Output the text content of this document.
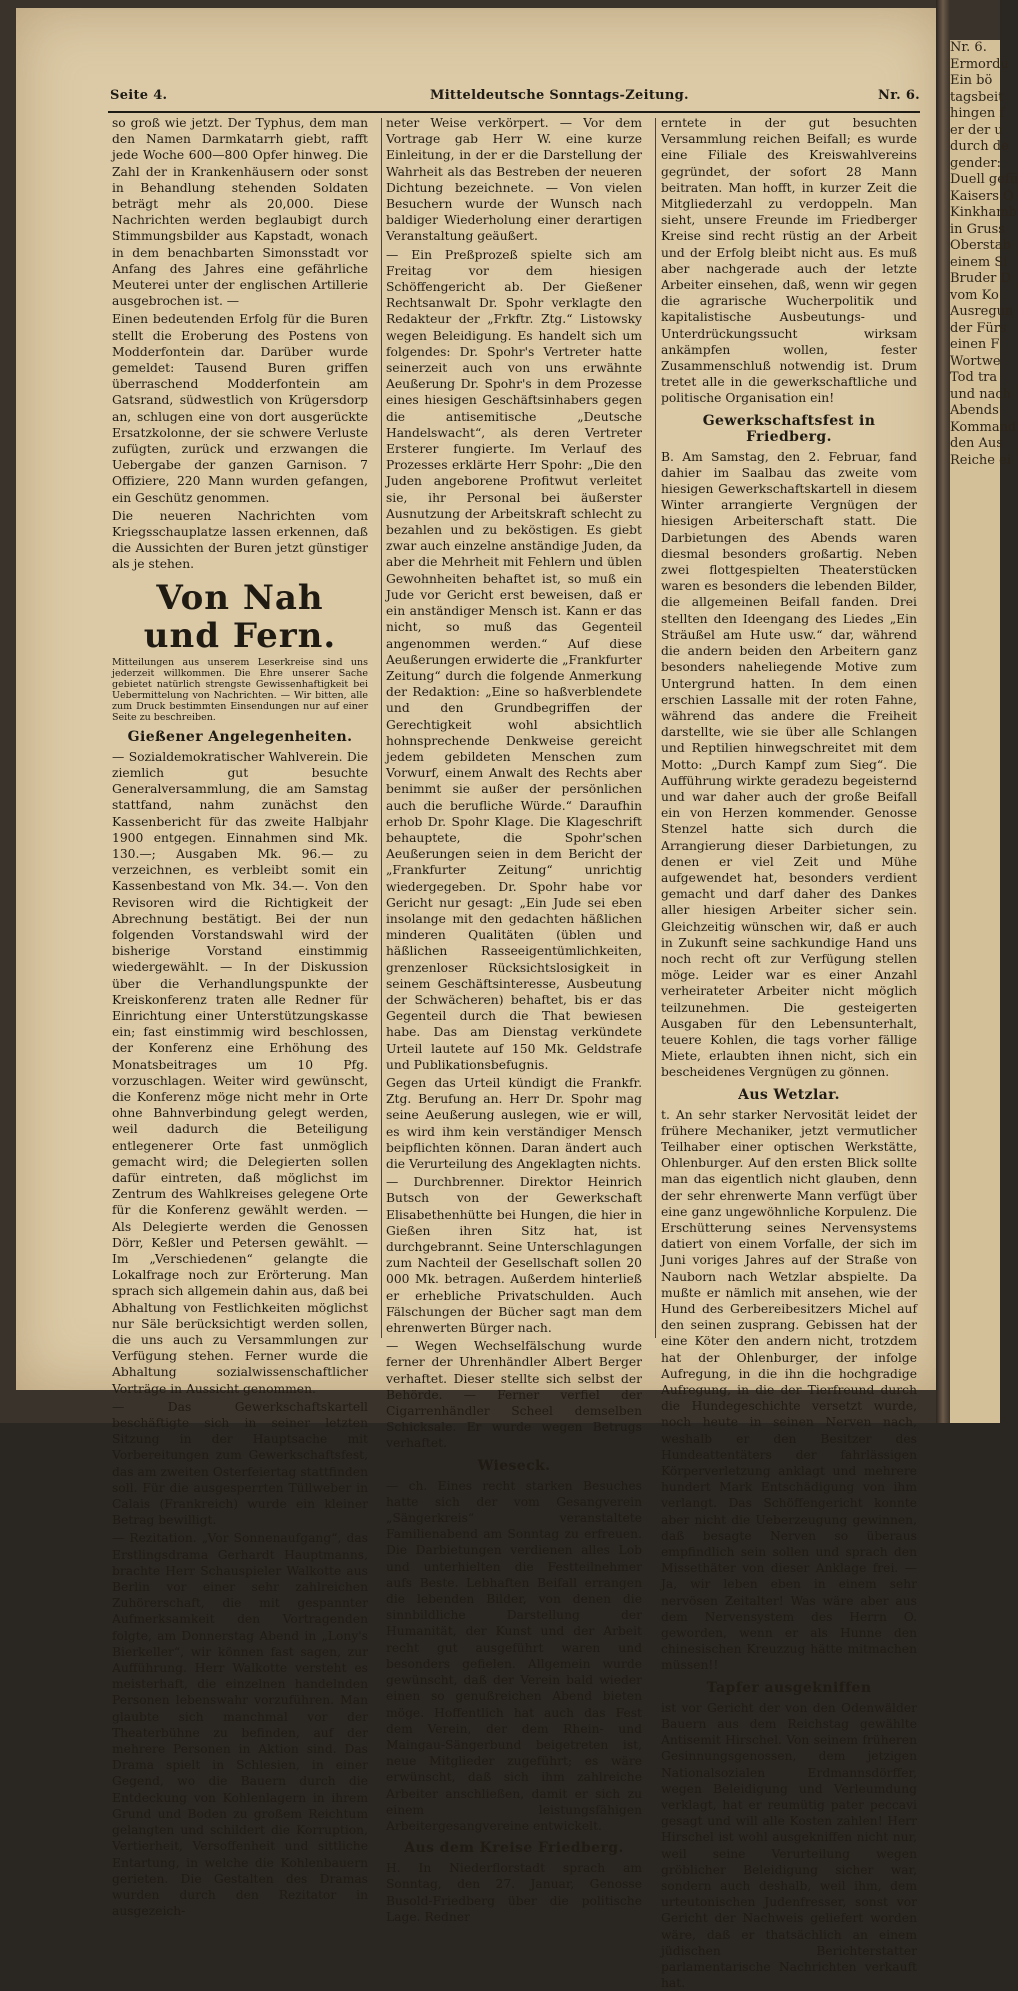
Nr. 6.

Ermordu

Ein bö

tagsbeit

hingen f

er der u

durch de

gender:

Duell gefü

Kaisers O

Kinkhamb

in Gruss

Oberstab

einem Si

Bruder D

vom Ko

Ausregun

der Fürs

einen F

Wortwe

Tod tra

und nach

Abends

Kommand

den Aus

Reiche ei

Seite 4.	Mitteldeutsche Sonntags-Zeitung.	Nr. 6.

so groß wie jetzt. Der Typhus, dem man den Namen Darmkatarrh giebt, rafft jede Woche 600—800 Opfer hinweg. Die Zahl der in Krankenhäusern oder sonst in Behandlung stehenden Soldaten beträgt mehr als 20,000. Diese Nachrichten werden beglaubigt durch Stimmungsbilder aus Kapstadt, wonach in dem benachbarten Simonsstadt vor Anfang des Jahres eine gefährliche Meuterei unter der englischen Artillerie ausgebrochen ist. —

Einen bedeutenden Erfolg für die Buren stellt die Eroberung des Postens von Modderfontein dar. Darüber wurde gemeldet: Tausend Buren griffen überraschend Modderfontein am Gatsrand, südwestlich von Krügersdorp an, schlugen eine von dort ausgerückte Ersatzkolonne, der sie schwere Verluste zufügten, zurück und erzwangen die Uebergabe der ganzen Garnison. 7 Offiziere, 220 Mann wurden gefangen, ein Geschütz genommen.

Die neueren Nachrichten vom Kriegsschauplatze lassen erkennen, daß die Aussichten der Buren jetzt günstiger als je stehen.

Von Nah und Fern.

Mitteilungen aus unserem Leserkreise sind uns jederzeit willkommen. Die Ehre unserer Sache gebietet natürlich strengste Gewissenhaftigkeit bei Uebermittelung von Nachrichten. — Wir bitten, alle zum Druck bestimmten Einsendungen nur auf einer Seite zu beschreiben.

Gießener Angelegenheiten.

— Sozialdemokratischer Wahlverein. Die ziemlich gut besuchte Generalversammlung, die am Samstag stattfand, nahm zunächst den Kassenbericht für das zweite Halbjahr 1900 entgegen. Einnahmen sind Mk. 130.—; Ausgaben Mk. 96.— zu verzeichnen, es verbleibt somit ein Kassenbestand von Mk. 34.—. Von den Revisoren wird die Richtigkeit der Abrechnung bestätigt. Bei der nun folgenden Vorstandswahl wird der bisherige Vorstand einstimmig wiedergewählt. — In der Diskussion über die Verhandlungspunkte der Kreiskonferenz traten alle Redner für Einrichtung einer Unterstützungskasse ein; fast einstimmig wird beschlossen, der Konferenz eine Erhöhung des Monatsbeitrages um 10 Pfg. vorzuschlagen. Weiter wird gewünscht, die Konferenz möge nicht mehr in Orte ohne Bahnverbindung gelegt werden, weil dadurch die Beteiligung entlegenerer Orte fast unmöglich gemacht wird; die Delegierten sollen dafür eintreten, daß möglichst im Zentrum des Wahlkreises gelegene Orte für die Konferenz gewählt werden. — Als Delegierte werden die Genossen Dörr, Keßler und Petersen gewählt. — Im „Verschiedenen“ gelangte die Lokalfrage noch zur Erörterung. Man sprach sich allgemein dahin aus, daß bei Abhaltung von Festlichkeiten möglichst nur Säle berücksichtigt werden sollen, die uns auch zu Versammlungen zur Verfügung stehen. Ferner wurde die Abhaltung sozialwissenschaftlicher Vorträge in Aussicht genommen.

— Das Gewerkschaftskartell beschäftigte sich in seiner letzten Sitzung in der Hauptsache mit Vorbereitungen zum Gewerkschaftsfest, das am zweiten Osterfeiertag stattfinden soll. Für die ausgesperrten Tüllweber in Calais (Frankreich) wurde ein kleiner Betrag bewilligt.

— Rezitation. „Vor Sonnenaufgang“, das Erstlingsdrama Gerhardt Hauptmanns, brachte Herr Schauspieler Walkotte aus Berlin vor einer sehr zahlreichen Zuhörerschaft, die mit gespannter Aufmerksamkeit den Vortragenden folgte, am Donnerstag Abend in „Lony's Bierkeller“, wir können fast sagen, zur Aufführung. Herr Walkotte versteht es meisterhaft, die einzelnen handelnden Personen lebenswahr vorzuführen. Man glaubte sich manchmal vor der Theaterbühne zu befinden, auf der mehrere Personen in Aktion sind. Das Drama spielt in Schlesien, in einer Gegend, wo die Bauern durch die Entdeckung von Kohlenlagern in ihrem Grund und Boden zu großem Reichtum gelangten und schildert die Korruption, Vertierheit, Versoffenheit und sittliche Entartung, in welche die Kohlenbauern gerieten. Die Gestalten des Dramas wurden durch den Rezitator in ausgezeich-

neter Weise verkörpert. — Vor dem Vortrage gab Herr W. eine kurze Einleitung, in der er die Darstellung der Wahrheit als das Bestreben der neueren Dichtung bezeichnete. — Von vielen Besuchern wurde der Wunsch nach baldiger Wiederholung einer derartigen Veranstaltung geäußert.

— Ein Preßprozeß spielte sich am Freitag vor dem hiesigen Schöffengericht ab. Der Gießener Rechtsanwalt Dr. Spohr verklagte den Redakteur der „Frkftr. Ztg.“ Listowsky wegen Beleidigung. Es handelt sich um folgendes: Dr. Spohr's Vertreter hatte seinerzeit auch von uns erwähnte Aeußerung Dr. Spohr's in dem Prozesse eines hiesigen Geschäftsinhabers gegen die antisemitische „Deutsche Handelswacht“, als deren Vertreter Ersterer fungierte. Im Verlauf des Prozesses erklärte Herr Spohr: „Die den Juden angeborene Profitwut verleitet sie, ihr Personal bei äußerster Ausnutzung der Arbeitskraft schlecht zu bezahlen und zu beköstigen. Es giebt zwar auch einzelne anständige Juden, da aber die Mehrheit mit Fehlern und üblen Gewohnheiten behaftet ist, so muß ein Jude vor Gericht erst beweisen, daß er ein anständiger Mensch ist. Kann er das nicht, so muß das Gegenteil angenommen werden.“ Auf diese Aeußerungen erwiderte die „Frankfurter Zeitung“ durch die folgende Anmerkung der Redaktion: „Eine so haßverblendete und den Grundbegriffen der Gerechtigkeit wohl absichtlich hohnsprechende Denkweise gereicht jedem gebildeten Menschen zum Vorwurf, einem Anwalt des Rechts aber benimmt sie außer der persönlichen auch die berufliche Würde.“ Daraufhin erhob Dr. Spohr Klage. Die Klageschrift behauptete, die Spohr'schen Aeußerungen seien in dem Bericht der „Frankfurter Zeitung“ unrichtig wiedergegeben. Dr. Spohr habe vor Gericht nur gesagt: „Ein Jude sei eben insolange mit den gedachten häßlichen minderen Qualitäten (üblen und häßlichen Rasseeigentümlichkeiten, grenzenloser Rücksichtslosigkeit in seinem Geschäftsinteresse, Ausbeutung der Schwächeren) behaftet, bis er das Gegenteil durch die That bewiesen habe. Das am Dienstag verkündete Urteil lautete auf 150 Mk. Geldstrafe und Publikationsbefugnis.

Gegen das Urteil kündigt die Frankfr. Ztg. Berufung an. Herr Dr. Spohr mag seine Aeußerung auslegen, wie er will, es wird ihm kein verständiger Mensch beipflichten können. Daran ändert auch die Verurteilung des Angeklagten nichts.

— Durchbrenner. Direktor Heinrich Butsch von der Gewerkschaft Elisabethenhütte bei Hungen, die hier in Gießen ihren Sitz hat, ist durchgebrannt. Seine Unterschlagungen zum Nachteil der Gesellschaft sollen 20 000 Mk. betragen. Außerdem hinterließ er erhebliche Privatschulden. Auch Fälschungen der Bücher sagt man dem ehrenwerten Bürger nach.

— Wegen Wechselfälschung wurde ferner der Uhrenhändler Albert Berger verhaftet. Dieser stellte sich selbst der Behörde. — Ferner verfiel der Cigarrenhändler Scheel demselben Schicksale. Er wurde wegen Betrugs verhaftet.

Wieseck.

— ch. Eines recht starken Besuches hatte sich der vom Gesangverein „Sängerkreis“ veranstaltete Familienabend am Sonntag zu erfreuen. Die Darbietungen verdienen alles Lob und unterhielten die Festteilnehmer aufs Beste. Lebhaften Beifall errangen die lebenden Bilder, von denen die sinnbildliche Darstellung der Humanität, der Kunst und der Arbeit recht gut ausgeführt waren und besonders gefielen. Allgemein wurde gewünscht, daß der Verein bald wieder einen so genußreichen Abend bieten möge. Hoffentlich hat auch das Fest dem Verein, der dem Rhein- und Maingau-Sängerbund beigetreten ist, neue Mitglieder zugeführt; es wäre erwünscht, daß sich ihm zahlreiche Arbeiter anschließen, damit er sich zu einem leistungsfähigen Arbeitergesangvereine entwickelt.

Aus dem Kreise Friedberg.

H. In Niederflorstadt sprach am Sonntag, den 27. Januar, Genosse Busold-Friedberg über die politische Lage. Redner

erntete in der gut besuchten Versammlung reichen Beifall; es wurde eine Filiale des Kreiswahlvereins gegründet, der sofort 28 Mann beitraten. Man hofft, in kurzer Zeit die Mitgliederzahl zu verdoppeln. Man sieht, unsere Freunde im Friedberger Kreise sind recht rüstig an der Arbeit und der Erfolg bleibt nicht aus. Es muß aber nachgerade auch der letzte Arbeiter einsehen, daß, wenn wir gegen die agrarische Wucherpolitik und kapitalistische Ausbeutungs- und Unterdrückungssucht wirksam ankämpfen wollen, fester Zusammenschluß notwendig ist. Drum tretet alle in die gewerkschaftliche und politische Organisation ein!

Gewerkschaftsfest in Friedberg.

B. Am Samstag, den 2. Februar, fand dahier im Saalbau das zweite vom hiesigen Gewerkschaftskartell in diesem Winter arrangierte Vergnügen der hiesigen Arbeiterschaft statt. Die Darbietungen des Abends waren diesmal besonders großartig. Neben zwei flottgespielten Theaterstücken waren es besonders die lebenden Bilder, die allgemeinen Beifall fanden. Drei stellten den Ideengang des Liedes „Ein Sträußel am Hute usw.“ dar, während die andern beiden den Arbeitern ganz besonders naheliegende Motive zum Untergrund hatten. In dem einen erschien Lassalle mit der roten Fahne, während das andere die Freiheit darstellte, wie sie über alle Schlangen und Reptilien hinwegschreitet mit dem Motto: „Durch Kampf zum Sieg“. Die Aufführung wirkte geradezu begeisternd und war daher auch der große Beifall ein von Herzen kommender. Genosse Stenzel hatte sich durch die Arrangierung dieser Darbietungen, zu denen er viel Zeit und Mühe aufgewendet hat, besonders verdient gemacht und darf daher des Dankes aller hiesigen Arbeiter sicher sein. Gleichzeitig wünschen wir, daß er auch in Zukunft seine sachkundige Hand uns noch recht oft zur Verfügung stellen möge. Leider war es einer Anzahl verheirateter Arbeiter nicht möglich teilzunehmen. Die gesteigerten Ausgaben für den Lebensunterhalt, teuere Kohlen, die tags vorher fällige Miete, erlaubten ihnen nicht, sich ein bescheidenes Vergnügen zu gönnen.

Aus Wetzlar.

t. An sehr starker Nervosität leidet der frühere Mechaniker, jetzt vermutlicher Teilhaber einer optischen Werkstätte, Ohlenburger. Auf den ersten Blick sollte man das eigentlich nicht glauben, denn der sehr ehrenwerte Mann verfügt über eine ganz ungewöhnliche Korpulenz. Die Erschütterung seines Nervensystems datiert von einem Vorfalle, der sich im Juni voriges Jahres auf der Straße von Nauborn nach Wetzlar abspielte. Da mußte er nämlich mit ansehen, wie der Hund des Gerbereibesitzers Michel auf den seinen zusprang. Gebissen hat der eine Köter den andern nicht, trotzdem hat der Ohlenburger, der infolge Aufregung, in die ihn die hochgradige Aufregung, in die der Tierfreund durch die Hundegeschichte versetzt wurde, noch heute in seinen Nerven nach, weshalb er den Besitzer des Hundeattentäters der fahrlässigen Körperverletzung anklagt und mehrere hundert Mark Entschädigung von ihm verlangt. Das Schöffengericht konnte aber nicht die Ueberzeugung gewinnen, daß besagte Nerven so überaus empfindlich sein sollen und sprach den Missethäter von dieser Anklage frei. — Ja, wir leben eben in einem sehr nervösen Zeitalter! Was wäre aber aus dem Nervensystem des Herrn O. geworden, wenn er als Hunne den chinesischen Kreuzzug hätte mitmachen müssen!!

Tapfer ausgekniffen

ist vor Gericht der von den Odenwälder Bauern aus dem Reichstag gewählte Antisemit Hirschel. Von seinem früheren Gesinnungsgenossen, dem jetzigen Nationalsozialen Erdmannsdörffer, wegen Beleidigung und Verleumdung verklagt, hat er reumütig pater peccavi gesagt und will alle Kosten zahlen! Herr Hirschel ist wohl ausgekniffen nicht nur, weil seine Verurteilung wegen gröblicher Beleidigung sicher war, sondern auch deshalb, weil ihm, dem urteutonischen Judenfresser, sonst vor Gericht der Nachweis geliefert worden wäre, daß er thatsächlich an einem jüdischen Berichterstatter parlamentarische Nachrichten verkauft hat.
